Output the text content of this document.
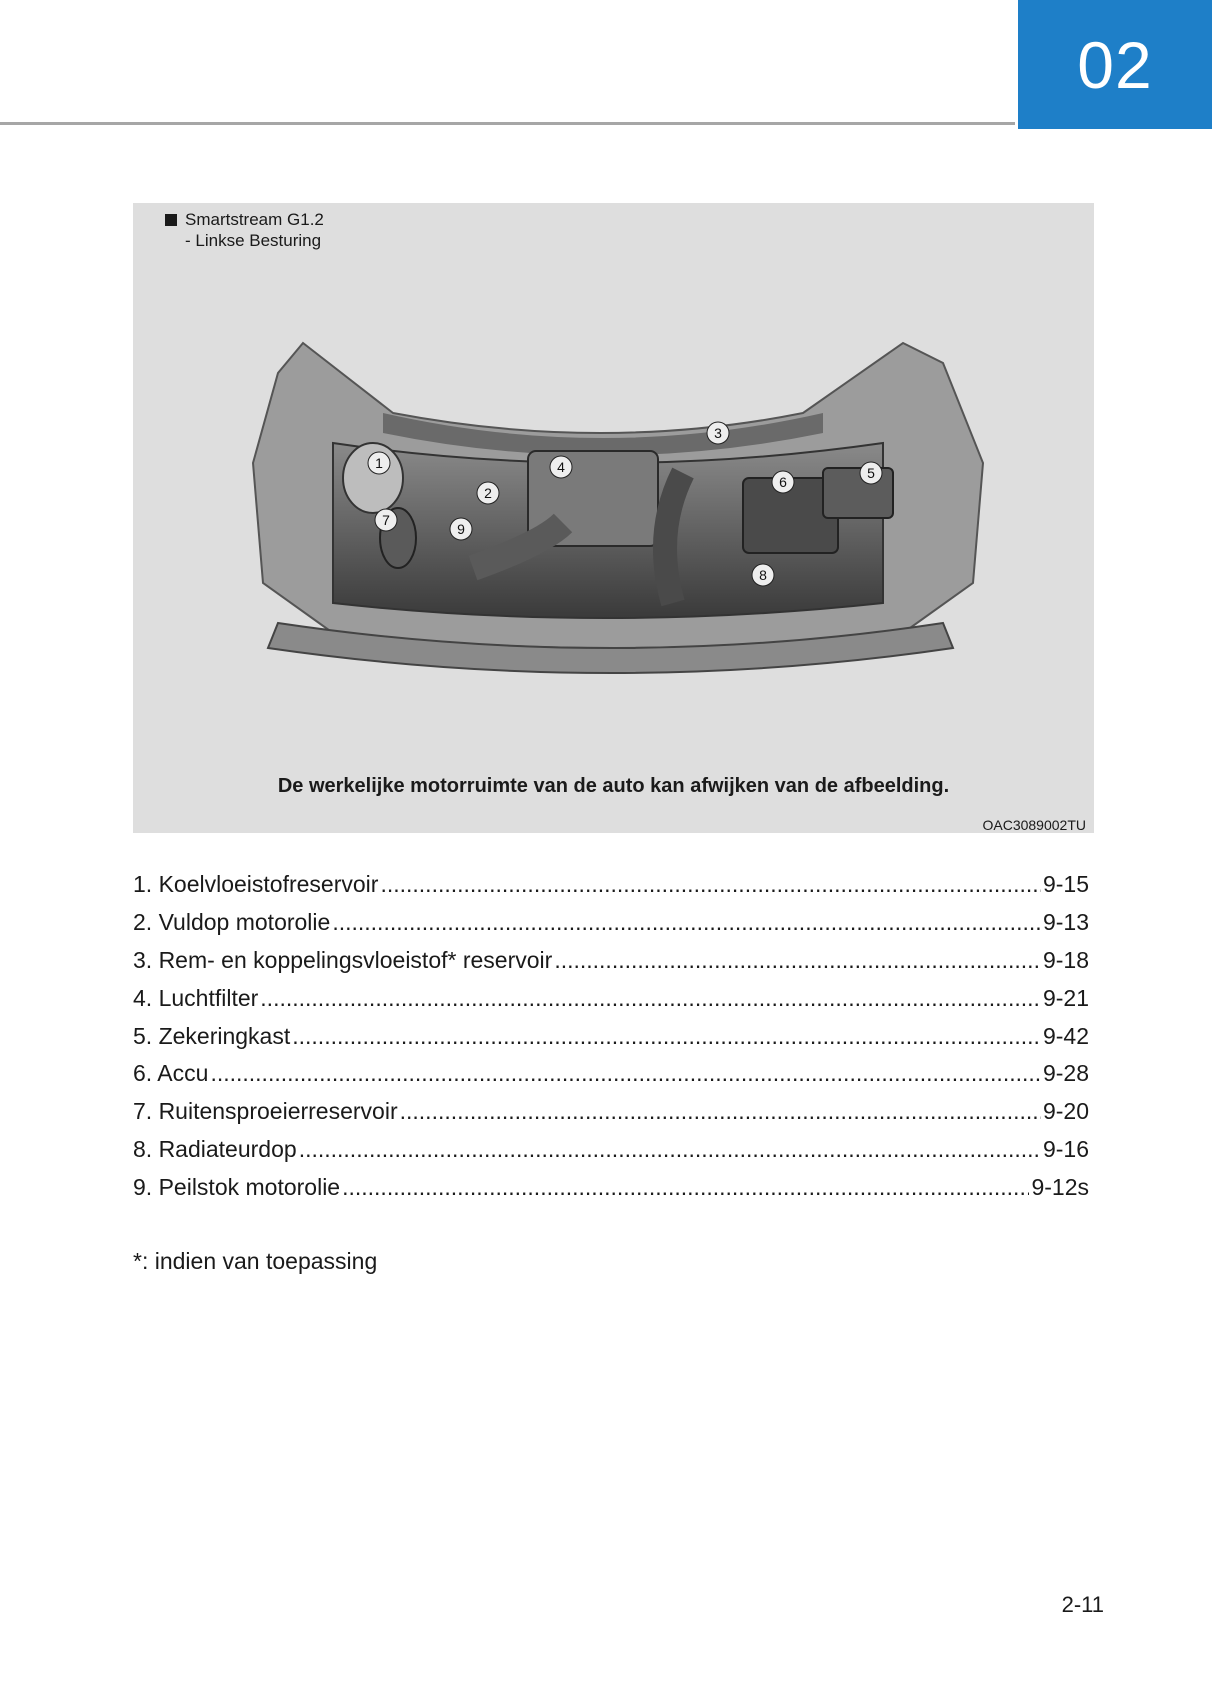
02
Smartstream G1.2
- Linkse Besturing
1
2
3
4	5
6
7
8
9
De werkelijke motorruimte van de auto kan afwijken van de afbeelding.
OAC3089002TU
1. Koelvloeistofreservoir .....	9-15
2. Vuldop motorolie .....	9-13
3. Rem- en koppelingsvloeistof* reservoir .....	9-18
4. Luchtfilter .....	9-21
5. Zekeringkast .....	9-42
6. Accu .....	9-28
7. Ruitensproeierreservoir .....	9-20
8. Radiateurdop .....	9-16
9. Peilstok motorolie .....	9-12s
*: indien van toepassing
2-11
